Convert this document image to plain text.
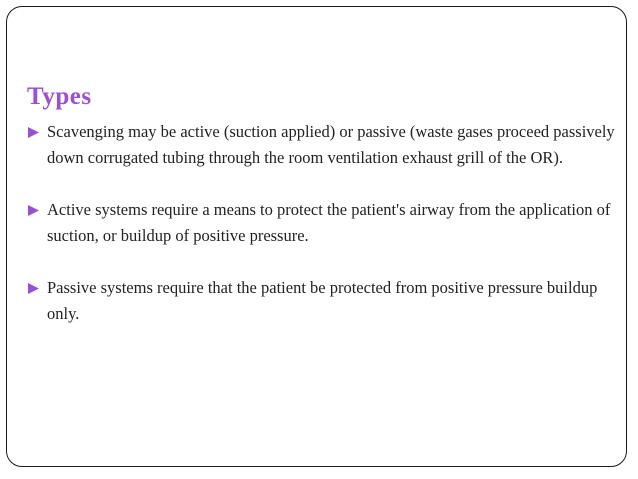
Types
Scavenging may be active (suction applied) or passive (waste gases proceed passively down corrugated tubing through the room ventilation exhaust grill of the OR).
Active systems require a means to protect the patient's airway from the application of suction, or buildup of positive pressure.
Passive systems require that the patient be protected from positive pressure buildup only.
